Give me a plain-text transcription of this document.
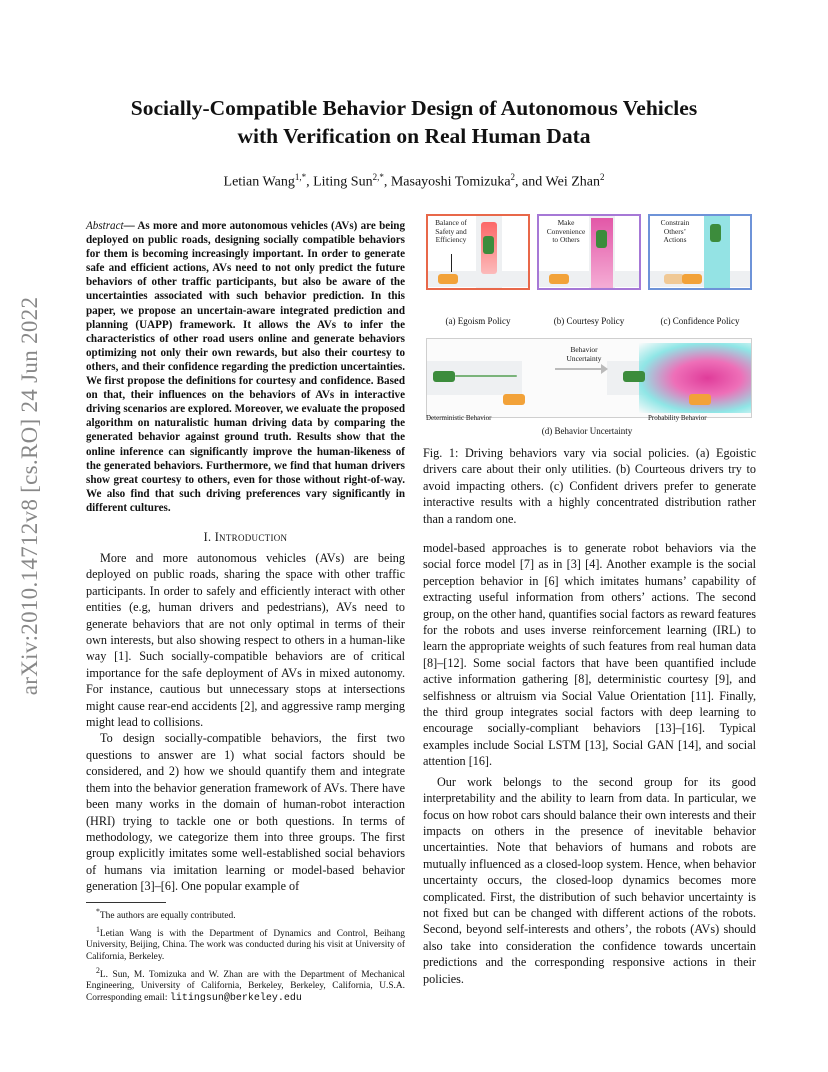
arXiv:2010.14712v8 [cs.RO] 24 Jun 2022
Socially-Compatible Behavior Design of Autonomous Vehicles
with Verification on Real Human Data
Letian Wang$^{1,*}$, Liting Sun$^{2,*}$, Masayoshi Tomizuka$^2$, and Wei Zhan$^2$
Abstract— As more and more autonomous vehicles (AVs) are being deployed on public roads, designing socially compatible behaviors for them is becoming increasingly important. In order to generate safe and efficient actions, AVs need to not only predict the future behaviors of other traffic participants, but also be aware of the uncertainties associated with such behavior prediction. In this paper, we propose an uncertain-aware integrated prediction and planning (UAPP) framework. It allows the AVs to infer the characteristics of other road users online and generate behaviors optimizing not only their own rewards, but also their courtesy to others, and their confidence regarding the prediction uncertainties. We first propose the definitions for courtesy and confidence. Based on that, their influences on the behaviors of AVs in interactive driving scenarios are explored. Moreover, we evaluate the proposed algorithm on naturalistic human driving data by comparing the generated behavior against ground truth. Results show that the online inference can significantly improve the human-likeness of the generated behaviors. Furthermore, we find that human drivers show great courtesy to others, even for those without right-of-way. We also find that such driving preferences vary significantly in different cultures.
I. Introduction

More and more autonomous vehicles (AVs) are being deployed on public roads, sharing the space with other traffic participants. In order to safely and efficiently interact with other entities (e.g, human drivers and pedestrians), AVs need to generate behaviors that are not only optimal in terms of their own interests, but also showing respect to others in a human-like way [1]. Such socially-compatible behaviors are of critical importance for the safe deployment of AVs in mixed autonomy. For instance, cautious but unnecessary stops at intersections might cause rear-end accidents [2], and aggressive ramp merging might lead to collisions.

To design socially-compatible behaviors, the first two questions to answer are 1) what social factors should be considered, and 2) how we should quantify them and integrate them into the behavior generation framework of AVs. There have been many works in the domain of human-robot interaction (HRI) trying to tackle one or both questions. In terms of methodology, we categorize them into three groups. The first group explicitly imitates some well-established social behaviors of humans via imitation learning or model-based behavior generation [3]–[6]. One popular example of

*The authors are equally contributed.

$^1$Letian Wang is with the Department of Dynamics and Control, Beihang University, Beijing, China. The work was conducted during his visit at University of California, Berkeley.

$^2$L. Sun, M. Tomizuka and W. Zhan are with the Department of Mechanical Engineering, University of California, Berkeley, Berkeley, California, U.S.A. Corresponding email: litingsun@berkeley.edu

Balance of
Safety and
Efficiency
(a) Egoism Policy
Make
Convenience
to Others
(b) Courtesy Policy
Constrain
Others’
Actions
(c) Confidence Policy
Behavior
Uncertainty
Deterministic Behavior	Probability Behavior
(d) Behavior Uncertainty
Fig. 1: Driving behaviors vary via social policies. (a) Egoistic drivers care about their only utilities. (b) Courteous drivers try to avoid impacting others. (c) Confident drivers prefer to generate interactive results with a highly concentrated distribution rather than a random one.

model-based approaches is to generate robot behaviors via the social force model [7] as in [3] [4]. Another example is the social perception behavior in [6] which imitates humans’ capability of extracting useful information from others’ actions. The second group, on the other hand, quantifies social factors as reward features for the robots and uses inverse reinforcement learning (IRL) to learn the appropriate weights of such features from real human data [8]–[12]. Some social factors that have been quantified include active information gathering [8], deterministic courtesy [9], and selfishness or altruism via Social Value Orientation [11]. Finally, the third group integrates social factors with deep learning to encourage socially-compliant behaviors [13]–[16]. Typical examples include Social LSTM [13], Social GAN [14], and social attention [16].

Our work belongs to the second group for its good interpretability and the ability to learn from data. In particular, we focus on how robot cars should balance their own interests and their impacts on others in the presence of inevitable behavior uncertainties. Note that behaviors of humans and robots are mutually influenced as a closed-loop system. Hence, when behavior uncertainty occurs, the closed-loop dynamics becomes more complicated. First, the distribution of such behavior uncertainty is not fixed but can be changed with different actions of the robots. Second, beyond self-interests and others’, the robots (AVs) should also take into consideration the confidence towards uncertain predictions and the corresponding responsive actions in their policies.
